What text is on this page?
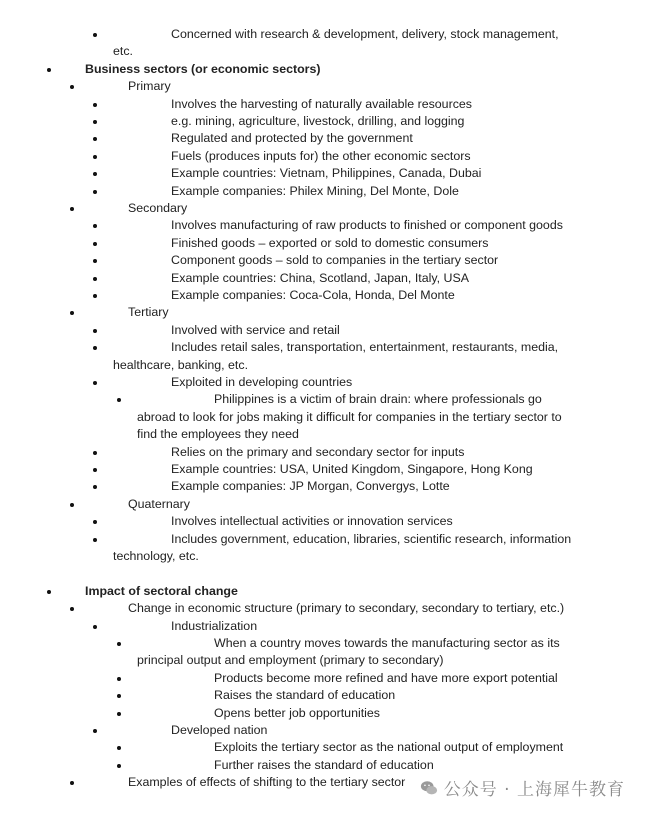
Concerned with research & development, delivery, stock management,
etc.
Business sectors (or economic sectors)
Primary
Involves the harvesting of naturally available resources
e.g. mining, agriculture, livestock, drilling, and logging
Regulated and protected by the government
Fuels (produces inputs for) the other economic sectors
Example countries: Vietnam, Philippines, Canada, Dubai
Example companies: Philex Mining, Del Monte, Dole
Secondary
Involves manufacturing of raw products to finished or component goods
Finished goods – exported or sold to domestic consumers
Component goods – sold to companies in the tertiary sector
Example countries: China, Scotland, Japan, Italy, USA
Example companies: Coca-Cola, Honda, Del Monte
Tertiary
Involved with service and retail
Includes retail sales, transportation, entertainment, restaurants, media,
healthcare, banking, etc.
Exploited in developing countries
Philippines is a victim of brain drain: where professionals go
abroad to look for jobs making it difficult for companies in the tertiary sector to
find the employees they need
Relies on the primary and secondary sector for inputs
Example countries: USA, United Kingdom, Singapore, Hong Kong
Example companies: JP Morgan, Convergys, Lotte
Quaternary
Involves intellectual activities or innovation services
Includes government, education, libraries, scientific research, information
technology, etc.
Impact of sectoral change
Change in economic structure (primary to secondary, secondary to tertiary, etc.)
Industrialization
When a country moves towards the manufacturing sector as its
principal output and employment (primary to secondary)
Products become more refined and have more export potential
Raises the standard of education
Opens better job opportunities
Developed nation
Exploits the tertiary sector as the national output of employment
Further raises the standard of education
Examples of effects of shifting to the tertiary sector 公众号 · 上海犀牛教育
